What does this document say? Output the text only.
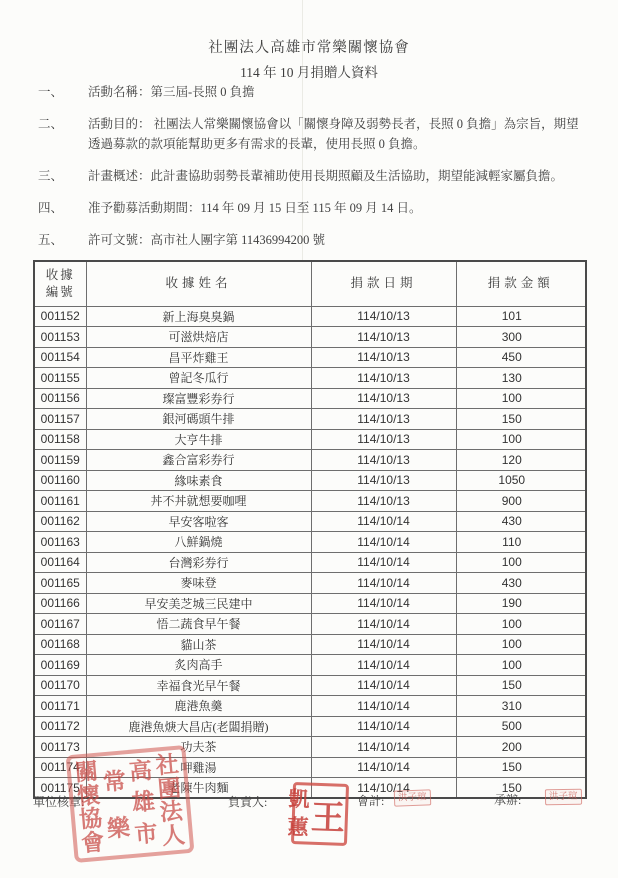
社團法人高雄市常樂關懷協會
114 年 10 月捐贈人資料
一、	活動名稱：第三屆-長照 0 負擔
二、	活動目的： 社團法人常樂關懷協會以「關懷身障及弱勢長者，長照 0 負擔」為宗旨，期望透過募款的款項能幫助更多有需求的長輩，使用長照 0 負擔。
三、	計畫概述：此計畫協助弱勢長輩補助使用長期照顧及生活協助，期望能減輕家屬負擔。
四、	准予勸募活動期間：114 年 09 月 15 日至 115 年 09 月 14 日。
五、	許可文號：高市社人團字第 11436994200 號
收據編號	收據姓名	捐款日期	捐款金額
001152	新上海臭臭鍋	114/10/13	101
001153	可滋烘焙店	114/10/13	300
001154	昌平炸雞王	114/10/13	450
001155	曾記冬瓜行	114/10/13	130
001156	璨富豐彩券行	114/10/13	100
001157	銀河碼頭牛排	114/10/13	150
001158	大亨牛排	114/10/13	100
001159	鑫合富彩券行	114/10/13	120
001160	緣味素食	114/10/13	1050
001161	丼不丼就想要咖哩	114/10/13	900
001162	早安客啦客	114/10/14	430
001163	八鮮鍋燒	114/10/14	110
001164	台灣彩券行	114/10/14	100
001165	麥味登	114/10/14	430
001166	早安美芝城三民建中	114/10/14	190
001167	悟二蔬食早午餐	114/10/14	100
001168	貓山茶	114/10/14	100
001169	炙肉高手	114/10/14	100
001170	幸福食光早午餐	114/10/14	150
001171	鹿港魚羹	114/10/14	310
001172	鹿港魚焿大昌店(老闆捐贈)	114/10/14	500
001173	功夫茶	114/10/14	200
001174	呷雞湯	114/10/14	150
001175	老陳牛肉麵	114/10/14	150
單位核章:	負責人:	會計:	承辦:
社
團
法
人
高
雄
市
常
樂
關
懷
協
會
王
凱
蕙
洪子瑄	洪子瑄
